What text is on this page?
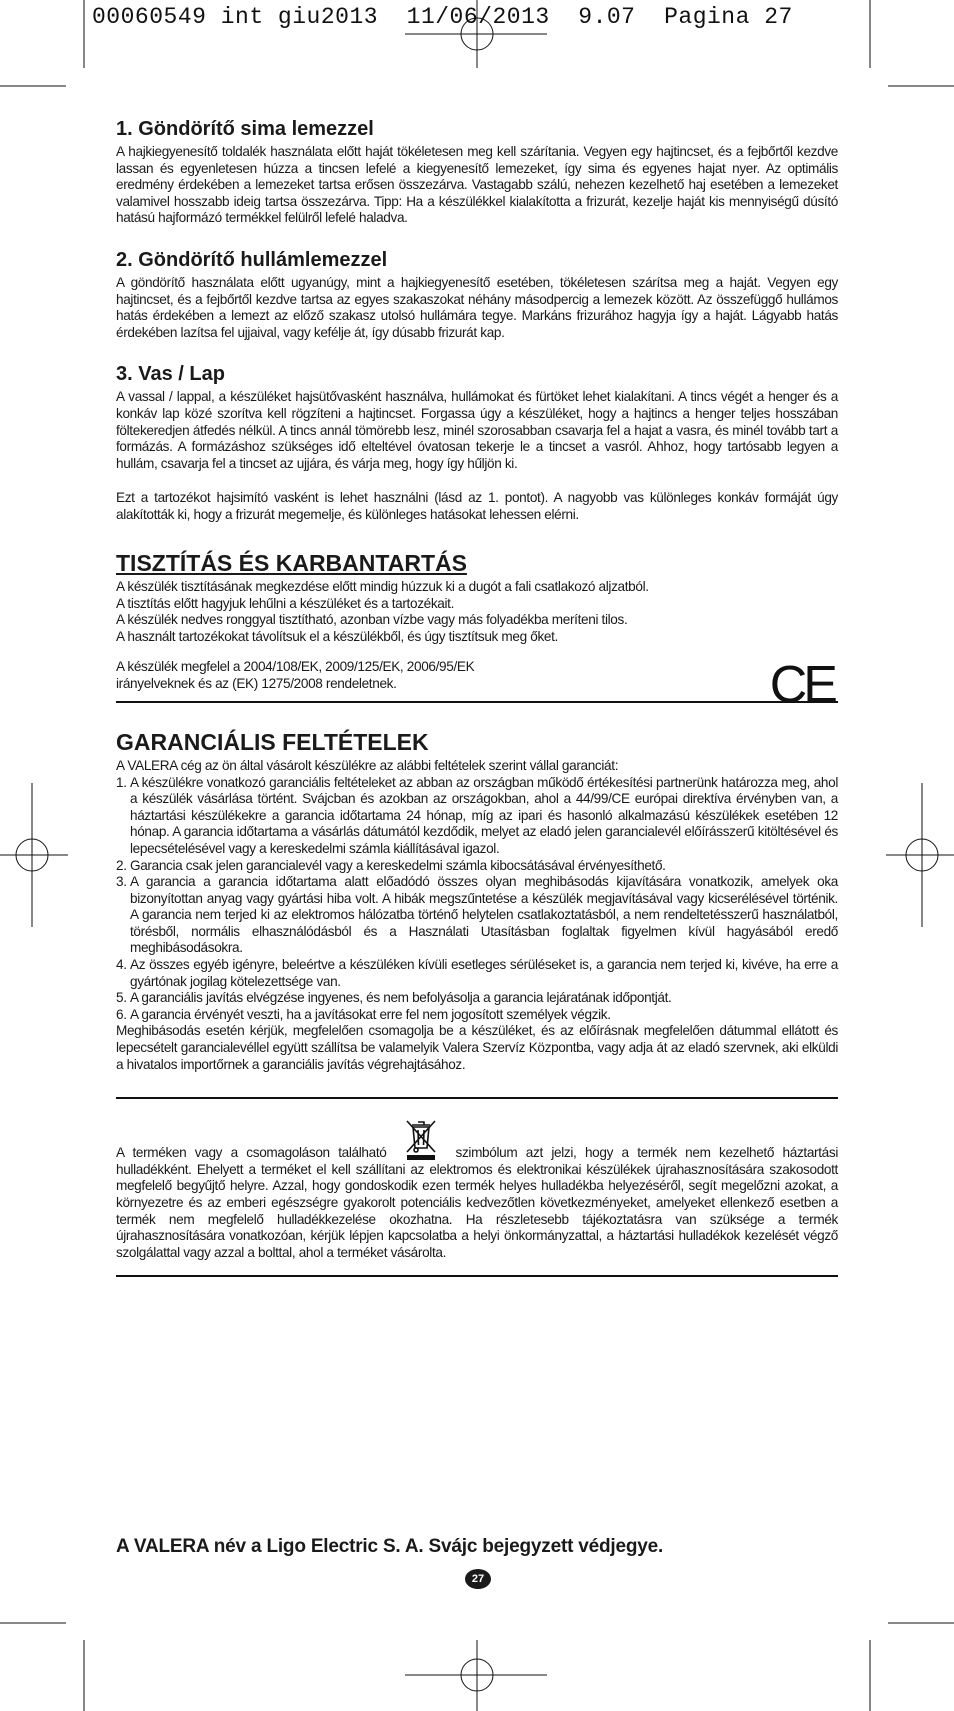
00060549 int giu2013  11/06/2013  9.07  Pagina 27
1. Göndörítő sima lemezzel

A hajkiegyenesítő toldalék használata előtt haját tökéletesen meg kell szárítania. Vegyen egy hajtincset, és a fejbőrtől kezdve lassan és egyenletesen húzza a tincsen lefelé a kiegyenesítő lemezeket, így sima és egyenes hajat nyer. Az optimális eredmény érdekében a lemezeket tartsa erősen összezárva. Vastagabb szálú, nehezen kezelhető haj esetében a lemezeket valamivel hosszabb ideig tartsa összezárva. Tipp: Ha a készülékkel kialakította a frizurát, kezelje haját kis mennyiségű dúsító hatású hajformázó termékkel felülről lefelé haladva.

2. Göndörítő hullámlemezzel

A göndörítő használata előtt ugyanúgy, mint a hajkiegyenesítő esetében, tökéletesen szárítsa meg a haját. Vegyen egy hajtincset, és a fejbőrtől kezdve tartsa az egyes szakaszokat néhány másodpercig a lemezek között. Az összefüggő hullámos hatás érdekében a lemezt az előző szakasz utolsó hullámára tegye. Markáns frizurához hagyja így a haját. Lágyabb hatás érdekében lazítsa fel ujjaival, vagy kefélje át, így dúsabb frizurát kap.

3. Vas / Lap

A vassal / lappal, a készüléket hajsütővasként használva, hullámokat és fürtöket lehet kialakítani. A tincs végét a henger és a konkáv lap közé szorítva kell rögzíteni a hajtincset. Forgassa úgy a készüléket, hogy a hajtincs a henger teljes hosszában föltekeredjen átfedés nélkül. A tincs annál tömörebb lesz, minél szorosabban csavarja fel a hajat a vasra, és minél tovább tart a formázás. A formázáshoz szükséges idő elteltével óvatosan tekerje le a tincset a vasról. Ahhoz, hogy tartósabb legyen a hullám, csavarja fel a tincset az ujjára, és várja meg, hogy így hűljön ki.

Ezt a tartozékot hajsimító vasként is lehet használni (lásd az 1. pontot). A nagyobb vas különleges konkáv formáját úgy alakították ki, hogy a frizurát megemelje, és különleges hatásokat lehessen elérni.

TISZTÍTÁS ÉS KARBANTARTÁS

A készülék tisztításának megkezdése előtt mindig húzzuk ki a dugót a fali csatlakozó aljzatból.

A tisztítás előtt hagyjuk lehűlni a készüléket és a tartozékait.

A készülék nedves ronggyal tisztítható, azonban vízbe vagy más folyadékba meríteni tilos.

A használt tartozékokat távolítsuk el a készülékből, és úgy tisztítsuk meg őket.

A készülék megfelel a 2004/108/EK, 2009/125/EK, 2006/95/EK

irányelveknek és az (EK) 1275/2008 rendeletnek.	CE
GARANCIÁLIS FELTÉTELEK

A VALERA cég az ön által vásárolt készülékre az alábbi feltételek szerint vállal garanciát:

1. A készülékre vonatkozó garanciális feltételeket az abban az országban működő értékesítési partnerünk határozza meg, ahol a készülék vásárlása történt. Svájcban és azokban az országokban, ahol a 44/99/CE európai direktíva érvényben van, a háztartási készülékekre a garancia időtartama 24 hónap, míg az ipari és hasonló alkalmazású készülékek esetében 12 hónap. A garancia időtartama a vásárlás dátumától kezdődik, melyet az eladó jelen garancialevél előírásszerű kitöltésével és lepecsételésével vagy a kereskedelmi számla kiállításával igazol.

2. Garancia csak jelen garancialevél vagy a kereskedelmi számla kibocsátásával érvényesíthető.

3. A garancia a garancia időtartama alatt előadódó összes olyan meghibásodás kijavítására vonatkozik, amelyek oka bizonyítottan anyag vagy gyártási hiba volt. A hibák megszűntetése a készülék megjavításával vagy kicserélésével történik. A garancia nem terjed ki az elektromos hálózatba történő helytelen csatlakoztatásból, a nem rendeltetésszerű használatból, törésből, normális elhasználódásból és a Használati Utasításban foglaltak figyelmen kívül hagyásából eredő meghibásodásokra.

4. Az összes egyéb igényre, beleértve a készüléken kívüli esetleges sérüléseket is, a garancia nem terjed ki, kivéve, ha erre a gyártónak jogilag kötelezettsége van.

5. A garanciális javítás elvégzése ingyenes, és nem befolyásolja a garancia lejáratának időpontját.

6. A garancia érvényét veszti, ha a javításokat erre fel nem jogosított személyek végzik.

Meghibásodás esetén kérjük, megfelelően csomagolja be a készüléket, és az előírásnak megfelelően dátummal ellátott és lepecsételt garancialevéllel együtt szállítsa be valamelyik Valera Szervíz Központba, vagy adja át az eladó szervnek, aki elküldi a hivatalos importőrnek a garanciális javítás végrehajtásához.

A terméken vagy a csomagoláson található	szimbólum azt jelzi, hogy a termék nem kezelhető háztartási hulladékként. Ehelyett a terméket el kell szállítani az elektromos és elektronikai készülékek újrahasznosítására szakosodott megfelelő begyűjtő helyre. Azzal, hogy gondoskodik ezen termék helyes hulladékba helyezéséről, segít megelőzni azokat, a környezetre és az emberi egészségre gyakorolt potenciális kedvezőtlen következményeket, amelyeket ellenkező esetben a termék nem megfelelő hulladékkezelése okozhatna. Ha részletesebb tájékoztatásra van szüksége a termék újrahasznosítására vonatkozóan, kérjük lépjen kapcsolatba a helyi önkormányzattal, a háztartási hulladékok kezelését végző szolgálattal vagy azzal a bolttal, ahol a terméket vásárolta.

A VALERA név a Ligo Electric S. A. Svájc bejegyzett védjegye.
27
